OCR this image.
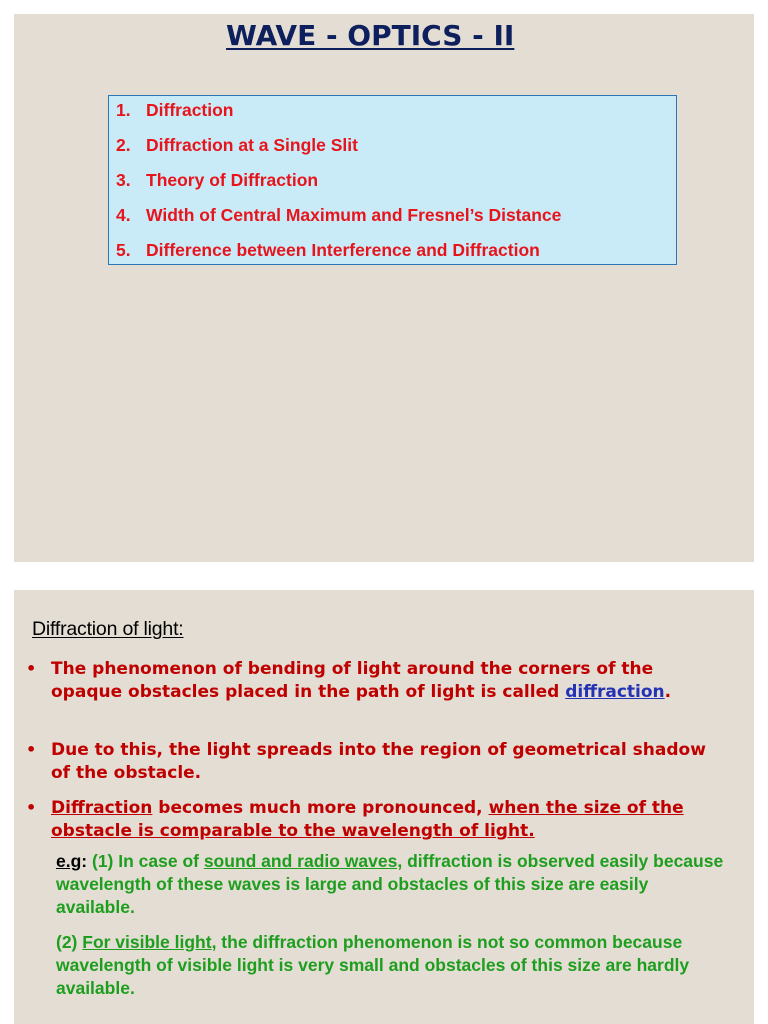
WAVE - OPTICS - II
1. Diffraction
2. Diffraction at a Single Slit
3. Theory of Diffraction
4. Width of Central Maximum and Fresnel’s Distance
5. Difference between Interference and Diffraction
Diffraction of light:
• The phenomenon of bending of light around the corners of the opaque obstacles placed in the path of light is called diffraction.
• Due to this, the light spreads into the region of geometrical shadow of the obstacle.
• Diffraction becomes much more pronounced, when the size of the obstacle is comparable to the wavelength of light.
e.g: (1) In case of sound and radio waves, diffraction is observed easily because wavelength of these waves is large and obstacles of this size are easily available.
(2) For visible light, the diffraction phenomenon is not so common because wavelength of visible light is very small and obstacles of this size are hardly available.
